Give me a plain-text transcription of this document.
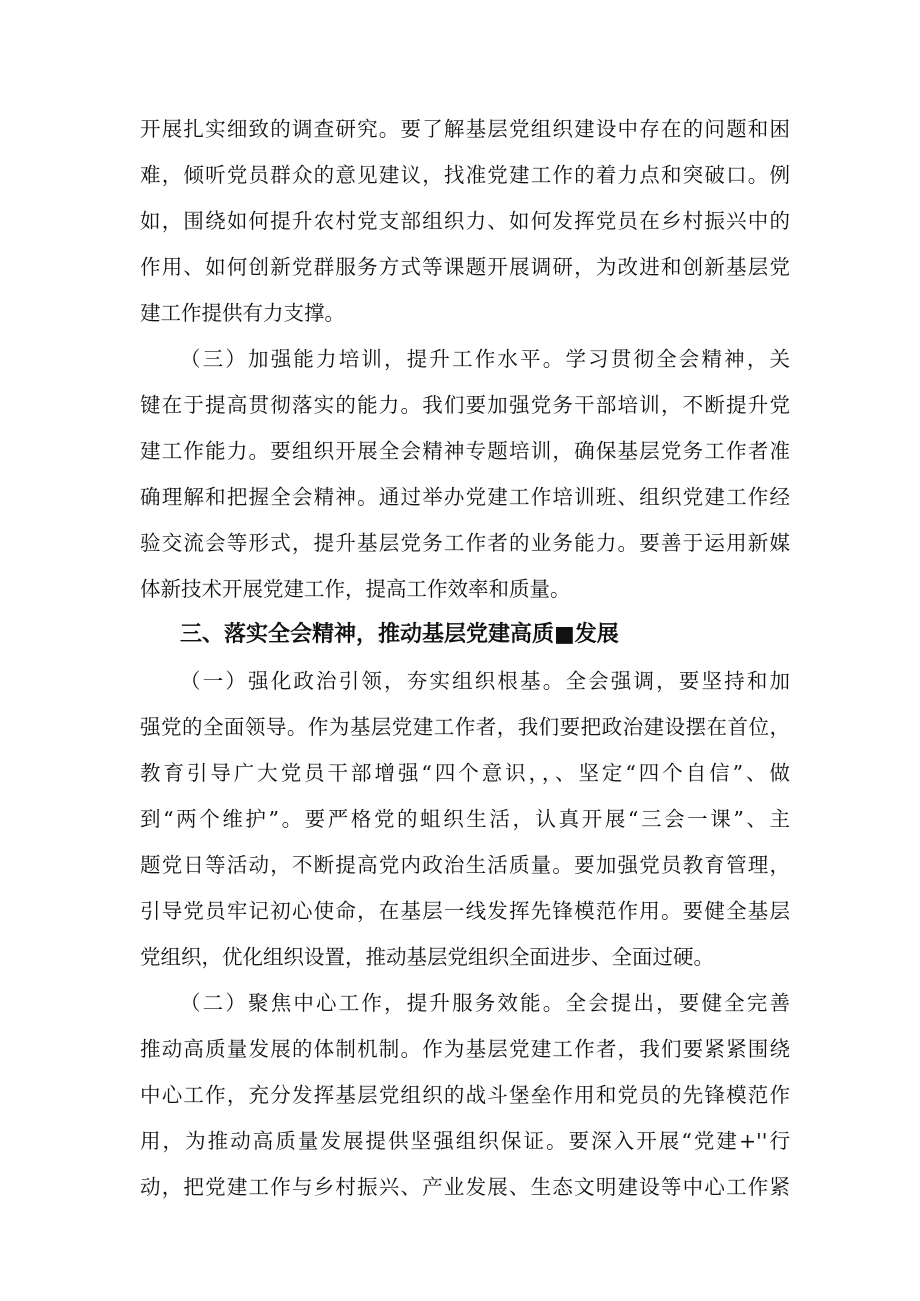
开展扎实细致的调查研究。要了解基层党组织建设中存在的问题和困

难，倾听党员群众的意见建议，找准党建工作的着力点和突破口。例

如，围绕如何提升农村党支部组织力、如何发挥党员在乡村振兴中的

作用、如何创新党群服务方式等课题开展调研，为改进和创新基层党

建工作提供有力支撑。

（三）加强能力培训，提升工作水平。学习贯彻全会精神，关

键在于提高贯彻落实的能力。我们要加强党务干部培训，不断提升党

建工作能力。要组织开展全会精神专题培训，确保基层党务工作者准

确理解和把握全会精神。通过举办党建工作培训班、组织党建工作经

验交流会等形式，提升基层党务工作者的业务能力。要善于运用新媒

体新技术开展党建工作，提高工作效率和质量。

三、落实全会精神，推动基层党建高质■发展

（一）强化政治引领，夯实组织根基。全会强调，要坚持和加

强党的全面领导。作为基层党建工作者，我们要把政治建设摆在首位，

教育引导广大党员干部增强“四个意识，，、坚定“四个自信”、做

到“两个维护”。要严格党的蛆织生活，认真开展“三会一课”、主

题党日等活动，不断提高党内政治生活质量。要加强党员教育管理，

引导党员牢记初心使命，在基层一线发挥先锋模范作用。要健全基层

党组织，优化组织设置，推动基层党组织全面进步、全面过硬。

（二）聚焦中心工作，提升服务效能。全会提出，要健全完善

推动高质量发展的体制机制。作为基层党建工作者，我们要紧紧围绕

中心工作，充分发挥基层党组织的战斗堡垒作用和党员的先锋模范作

用，为推动高质量发展提供坚强组织保证。要深入开展“党建+''行

动，把党建工作与乡村振兴、产业发展、生态文明建设等中心工作紧
